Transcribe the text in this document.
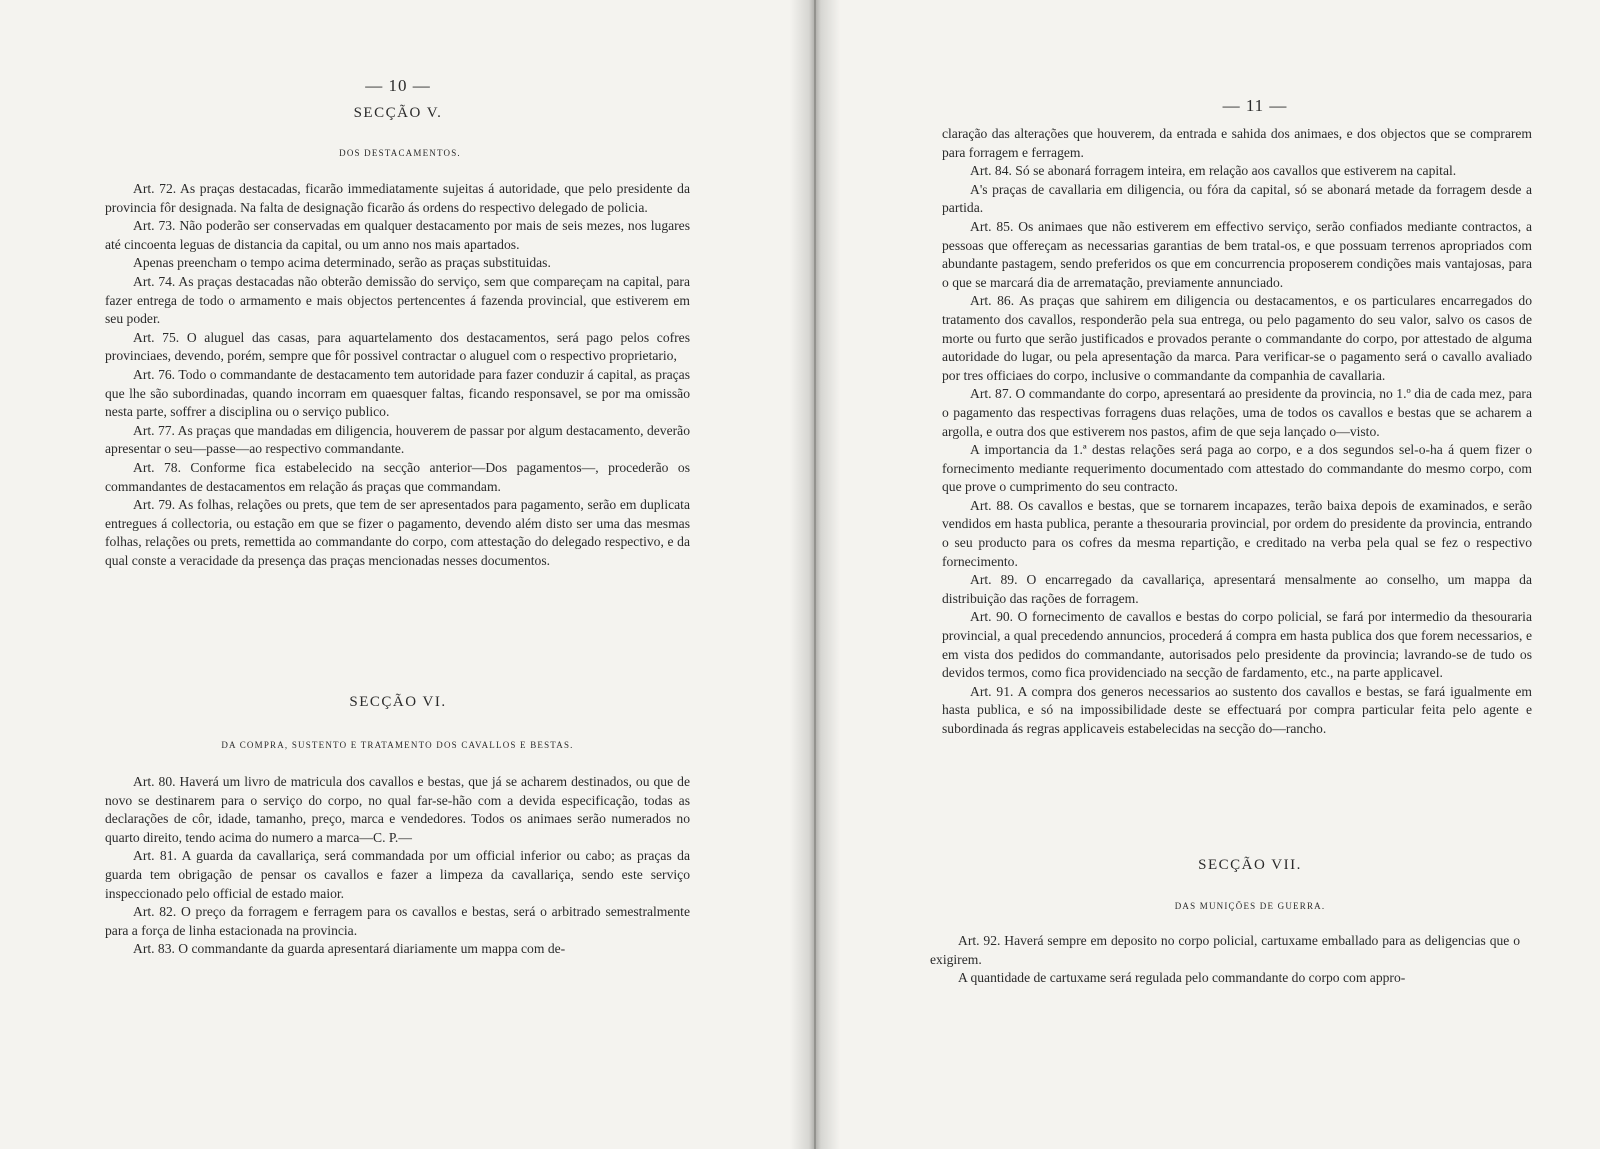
— 10 —
SECÇÃO V.
DOS DESTACAMENTOS.

Art. 72. As praças destacadas, ficarão immediatamente sujeitas á autoridade, que pelo presidente da provincia fôr designada. Na falta de designação ficarão ás ordens do respectivo delegado de policia.

Art. 73. Não poderão ser conservadas em qualquer destacamento por mais de seis mezes, nos lugares até cincoenta leguas de distancia da capital, ou um anno nos mais apartados.

Apenas preencham o tempo acima determinado, serão as praças substituidas.

Art. 74. As praças destacadas não obterão demissão do serviço, sem que compareçam na capital, para fazer entrega de todo o armamento e mais objectos pertencentes á fazenda provincial, que estiverem em seu poder.

Art. 75. O aluguel das casas, para aquartelamento dos destacamentos, será pago pelos cofres provinciaes, devendo, porém, sempre que fôr possivel contractar o aluguel com o respectivo proprietario,

Art. 76. Todo o commandante de destacamento tem autoridade para fazer conduzir á capital, as praças que lhe são subordinadas, quando incorram em quaesquer faltas, ficando responsavel, se por ma omissão nesta parte, soffrer a disciplina ou o serviço publico.

Art. 77. As praças que mandadas em diligencia, houverem de passar por algum destacamento, deverão apresentar o seu—passe—ao respectivo commandante.

Art. 78. Conforme fica estabelecido na secção anterior—Dos pagamentos—, procederão os commandantes de destacamentos em relação ás praças que commandam.

Art. 79. As folhas, relações ou prets, que tem de ser apresentados para pagamento, serão em duplicata entregues á collectoria, ou estação em que se fizer o pagamento, devendo além disto ser uma das mesmas folhas, relações ou prets, remettida ao commandante do corpo, com attestação do delegado respectivo, e da qual conste a veracidade da presença das praças mencionadas nesses documentos.

SECÇÃO VI.
DA COMPRA, SUSTENTO E TRATAMENTO DOS CAVALLOS E BESTAS.

Art. 80. Haverá um livro de matricula dos cavallos e bestas, que já se acharem destinados, ou que de novo se destinarem para o serviço do corpo, no qual far-se-hão com a devida especificação, todas as declarações de côr, idade, tamanho, preço, marca e vendedores. Todos os animaes serão numerados no quarto direito, tendo acima do numero a marca—C. P.—

Art. 81. A guarda da cavallariça, será commandada por um official inferior ou cabo; as praças da guarda tem obrigação de pensar os cavallos e fazer a limpeza da cavallariça, sendo este serviço inspeccionado pelo official de estado maior.

Art. 82. O preço da forragem e ferragem para os cavallos e bestas, será o arbitrado semestralmente para a força de linha estacionada na provincia.

Art. 83. O commandante da guarda apresentará diariamente um mappa com de-

— 11 —

claração das alterações que houverem, da entrada e sahida dos animaes, e dos objectos que se comprarem para forragem e ferragem.

Art. 84. Só se abonará forragem inteira, em relação aos cavallos que estiverem na capital.

A's praças de cavallaria em diligencia, ou fóra da capital, só se abonará metade da forragem desde a partida.

Art. 85. Os animaes que não estiverem em effectivo serviço, serão confiados mediante contractos, a pessoas que offereçam as necessarias garantias de bem tratal-os, e que possuam terrenos apropriados com abundante pastagem, sendo preferidos os que em concurrencia proposerem condições mais vantajosas, para o que se marcará dia de arrematação, previamente annunciado.

Art. 86. As praças que sahirem em diligencia ou destacamentos, e os particulares encarregados do tratamento dos cavallos, responderão pela sua entrega, ou pelo pagamento do seu valor, salvo os casos de morte ou furto que serão justificados e provados perante o commandante do corpo, por attestado de alguma autoridade do lugar, ou pela apresentação da marca. Para verificar-se o pagamento será o cavallo avaliado por tres officiaes do corpo, inclusive o commandante da companhia de cavallaria.

Art. 87. O commandante do corpo, apresentará ao presidente da provincia, no 1.º dia de cada mez, para o pagamento das respectivas forragens duas relações, uma de todos os cavallos e bestas que se acharem a argolla, e outra dos que estiverem nos pastos, afim de que seja lançado o—visto.

A importancia da 1.ª destas relações será paga ao corpo, e a dos segundos sel-o-ha á quem fizer o fornecimento mediante requerimento documentado com attestado do commandante do mesmo corpo, com que prove o cumprimento do seu contracto.

Art. 88. Os cavallos e bestas, que se tornarem incapazes, terão baixa depois de examinados, e serão vendidos em hasta publica, perante a thesouraria provincial, por ordem do presidente da provincia, entrando o seu producto para os cofres da mesma repartição, e creditado na verba pela qual se fez o respectivo fornecimento.

Art. 89. O encarregado da cavallariça, apresentará mensalmente ao conselho, um mappa da distribuição das rações de forragem.

Art. 90. O fornecimento de cavallos e bestas do corpo policial, se fará por intermedio da thesouraria provincial, a qual precedendo annuncios, procederá á compra em hasta publica dos que forem necessarios, e em vista dos pedidos do commandante, autorisados pelo presidente da provincia; lavrando-se de tudo os devidos termos, como fica providenciado na secção de fardamento, etc., na parte applicavel.

Art. 91. A compra dos generos necessarios ao sustento dos cavallos e bestas, se fará igualmente em hasta publica, e só na impossibilidade deste se effectuará por compra particular feita pelo agente e subordinada ás regras applicaveis estabelecidas na secção do—rancho.

SECÇÃO VII.
DAS MUNIÇÕES DE GUERRA.

Art. 92. Haverá sempre em deposito no corpo policial, cartuxame emballado para as deligencias que o exigirem.

A quantidade de cartuxame será regulada pelo commandante do corpo com appro-
